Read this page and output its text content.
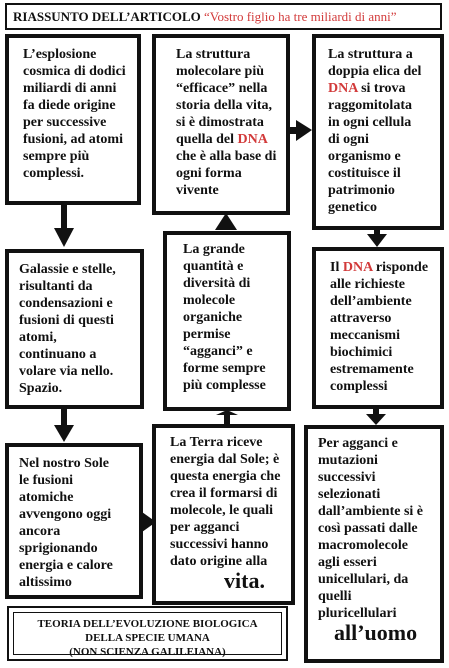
RIASSUNTO DELL’ARTICOLO “Vostro figlio ha tre miliardi di anni”
L’esplosione
cosmica di dodici
miliardi di anni
fa diede origine
per successive
fusioni, ad atomi
sempre più
complessi.
La struttura
molecolare più
“efficace” nella
storia della vita,
si è dimostrata
quella del DNA
che è alla base di
ogni forma
vivente
La struttura a
doppia elica del
DNA si trova
raggomitolata
in ogni cellula
di ogni
organismo e
costituisce il
patrimonio
genetico
Galassie e stelle,
risultanti da
condensazioni e
fusioni di questi
atomi,
continuano a
volare via nello.
Spazio.
La grande
quantità e
diversità di
molecole
organiche
permise
“agganci” e
forme sempre
più complesse
Il DNA risponde
alle richieste
dell’ambiente
attraverso
meccanismi
biochimici
estremamente
complessi
Nel nostro Sole
le fusioni
atomiche
avvengono oggi
ancora
sprigionando
energia e calore
altissimo
La Terra riceve
energia dal Sole; è
questa energia che
crea il formarsi di
molecole, le quali
per agganci
successivi hanno
dato origine alla
vita.
Per agganci e
mutazioni
successivi
selezionati
dall’ambiente si è
così passati dalle
macromolecole
agli esseri
unicellulari, da
quelli
pluricellulari
all’uomo
TEORIA DELL’EVOLUZIONE BIOLOGICA
DELLA SPECIE UMANA
(NON SCIENZA GALILEIANA)
